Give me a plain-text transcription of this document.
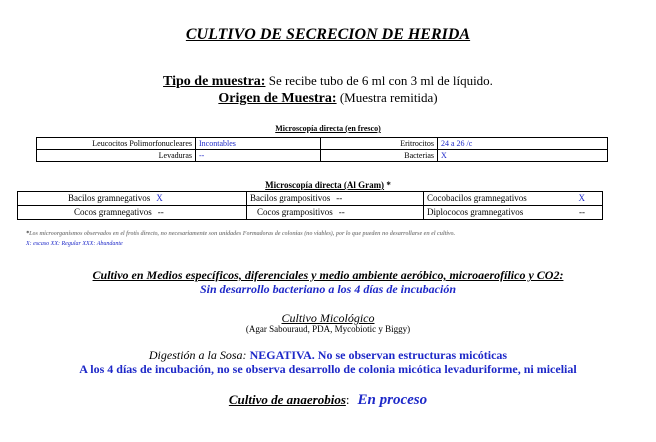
CULTIVO DE SECRECION DE HERIDA
Tipo de muestra: Se recibe tubo de 6 ml con 3 ml de líquido.
Origen de Muestra: (Muestra remitida)
Microscopía directa (en fresco)
Leucocitos Polimorfonucleares	Incontables	Eritrocitos	24 a 26 /c
Levaduras	--	Bacterias	X
Microscopía directa (Al Gram) *
Bacilos gramnegativos X	Bacilos grampositivos --	Cocobacilos gramnegativos X

Cocos gramnegativos --	Cocos grampositivos --	Diplococos gramnegativos --
*Los microorganismos observados en el frotis directo, no necesariamente son unidades Formadoras de colonias (no viables), por lo que pueden no desarrollarse en el cultivo.
X: escaso XX: Regular XXX: Abundante
Cultivo en Medios específicos, diferenciales y medio ambiente aeróbico, microaerofílico y CO2:
Sin desarrollo bacteriano a los 4 días de incubación
Cultivo Micológico
(Agar Sabouraud, PDA, Mycobiotic y Biggy)
Digestión a la Sosa: NEGATIVA. No se observan estructuras micóticas
A los 4 días de incubación, no se observa desarrollo de colonia micótica levaduriforme, ni micelial
Cultivo de anaerobios: En proceso
